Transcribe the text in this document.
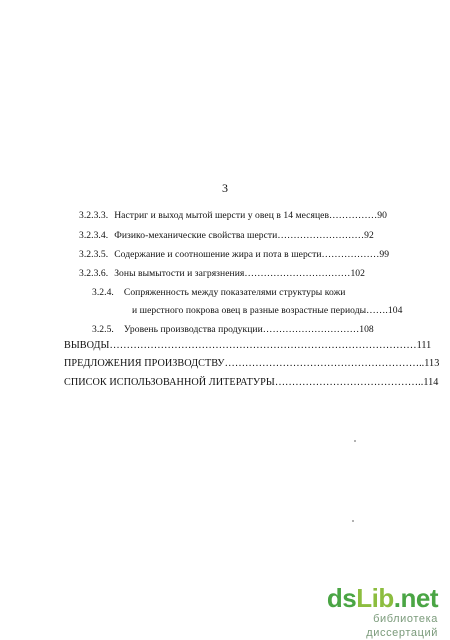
3
3.2.3.3. Настриг и выход мытой шерсти у овец в 14 месяцев……………90
3.2.3.4. Физико-механические свойства шерсти………………………92
3.2.3.5. Содержание и соотношение жира и пота в шерсти………………99
3.2.3.6. Зоны вымытости и загрязнения……………………………102
3.2.4. Сопряженность между показателями структуры кожи
и шерстного покрова овец в разные возрастные периоды…….104
3.2.5. Уровень производства продукции…………………………108
ВЫВОДЫ………………………………………………………………………………111
ПРЕДЛОЖЕНИЯ ПРОИЗВОДСТВУ…………………………………………………..113
СПИСОК ИСПОЛЬЗОВАННОЙ ЛИТЕРАТУРЫ……………………………………..114
dsLib.net
библиотека диссертаций
